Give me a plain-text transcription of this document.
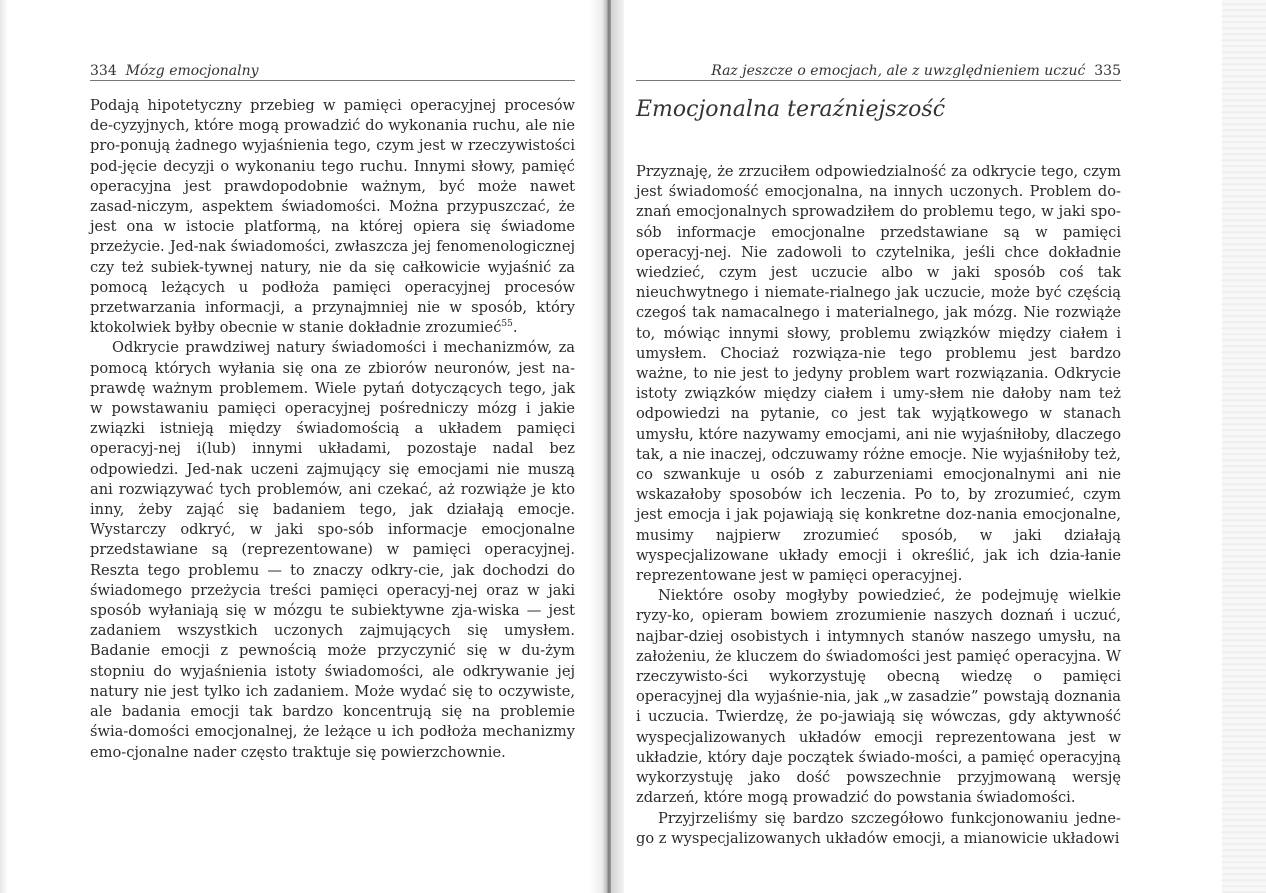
334 Mózg emocjonalny

Podają hipotetyczny przebieg w pamięci operacyjnej procesów de-cyzyjnych, które mogą prowadzić do wykonania ruchu, ale nie pro-ponują żadnego wyjaśnienia tego, czym jest w rzeczywistości pod-jęcie decyzji o wykonaniu tego ruchu. Innymi słowy, pamięć operacyjna jest prawdopodobnie ważnym, być może nawet zasad-niczym, aspektem świadomości. Można przypuszczać, że jest ona w istocie platformą, na której opiera się świadome przeżycie. Jed-nak świadomości, zwłaszcza jej fenomenologicznej czy też subiek-tywnej natury, nie da się całkowicie wyjaśnić za pomocą leżących u podłoża pamięci operacyjnej procesów przetwarzania informacji, a przynajmniej nie w sposób, który ktokolwiek byłby obecnie w stanie dokładnie zrozumieć$^{55}$.

Odkrycie prawdziwej natury świadomości i mechanizmów, za pomocą których wyłania się ona ze zbiorów neuronów, jest na-prawdę ważnym problemem. Wiele pytań dotyczących tego, jak w powstawaniu pamięci operacyjnej pośredniczy mózg i jakie związki istnieją między świadomością a układem pamięci operacyj-nej i(lub) innymi układami, pozostaje nadal bez odpowiedzi. Jed-nak uczeni zajmujący się emocjami nie muszą ani rozwiązywać tych problemów, ani czekać, aż rozwiąże je kto inny, żeby zająć się badaniem tego, jak działają emocje. Wystarczy odkryć, w jaki spo-sób informacje emocjonalne przedstawiane są (reprezentowane) w pamięci operacyjnej. Reszta tego problemu — to znaczy odkry-cie, jak dochodzi do świadomego przeżycia treści pamięci operacyj-nej oraz w jaki sposób wyłaniają się w mózgu te subiektywne zja-wiska — jest zadaniem wszystkich uczonych zajmujących się umysłem. Badanie emocji z pewnością może przyczynić się w du-żym stopniu do wyjaśnienia istoty świadomości, ale odkrywanie jej natury nie jest tylko ich zadaniem. Może wydać się to oczywiste, ale badania emocji tak bardzo koncentrują się na problemie świa-domości emocjonalnej, że leżące u ich podłoża mechanizmy emo-cjonalne nader często traktuje się powierzchownie.

Raz jeszcze o emocjach, ale z uwzględnieniem uczuć 335
Emocjonalna teraźniejszość

Przyznaję, że zrzuciłem odpowiedzialność za odkrycie tego, czym jest świadomość emocjonalna, na innych uczonych. Problem do-znań emocjonalnych sprowadziłem do problemu tego, w jaki spo-sób informacje emocjonalne przedstawiane są w pamięci operacyj-nej. Nie zadowoli to czytelnika, jeśli chce dokładnie wiedzieć, czym jest uczucie albo w jaki sposób coś tak nieuchwytnego i niemate-rialnego jak uczucie, może być częścią czegoś tak namacalnego i materialnego, jak mózg. Nie rozwiąże to, mówiąc innymi słowy, problemu związków między ciałem i umysłem. Chociaż rozwiąza-nie tego problemu jest bardzo ważne, to nie jest to jedyny problem wart rozwiązania. Odkrycie istoty związków między ciałem i umy-słem nie dałoby nam też odpowiedzi na pytanie, co jest tak wyjątkowego w stanach umysłu, które nazywamy emocjami, ani nie wyjaśniłoby, dlaczego tak, a nie inaczej, odczuwamy różne emocje. Nie wyjaśniłoby też, co szwankuje u osób z zaburzeniami emocjonalnymi ani nie wskazałoby sposobów ich leczenia. Po to, by zrozumieć, czym jest emocja i jak pojawiają się konkretne doz-nania emocjonalne, musimy najpierw zrozumieć sposób, w jaki działają wyspecjalizowane układy emocji i określić, jak ich dzia-łanie reprezentowane jest w pamięci operacyjnej.

Niektóre osoby mogłyby powiedzieć, że podejmuję wielkie ryzy-ko, opieram bowiem zrozumienie naszych doznań i uczuć, najbar-dziej osobistych i intymnych stanów naszego umysłu, na założeniu, że kluczem do świadomości jest pamięć operacyjna. W rzeczywisto-ści wykorzystuję obecną wiedzę o pamięci operacyjnej dla wyjaśnie-nia, jak „w zasadzie” powstają doznania i uczucia. Twierdzę, że po-jawiają się wówczas, gdy aktywność wyspecjalizowanych układów emocji reprezentowana jest w układzie, który daje początek świado-mości, a pamięć operacyjną wykorzystuję jako dość powszechnie przyjmowaną wersję zdarzeń, które mogą prowadzić do powstania świadomości.

Przyjrzeliśmy się bardzo szczegółowo funkcjonowaniu jedne-go z wyspecjalizowanych układów emocji, a mianowicie układowi
